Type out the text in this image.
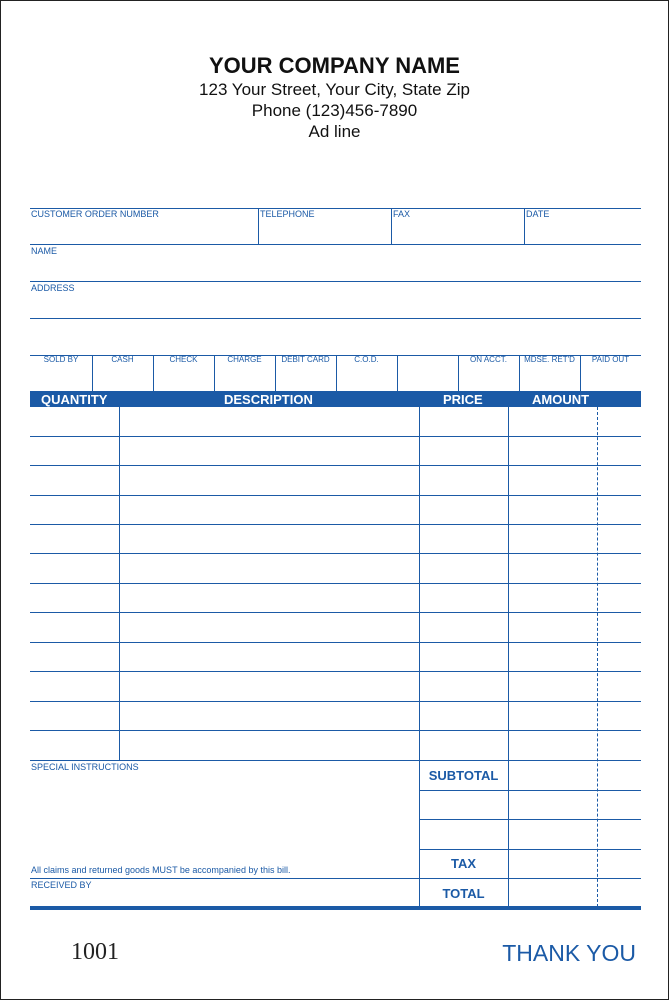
YOUR COMPANY NAME
123 Your Street, Your City, State Zip
Phone (123)456-7890
Ad line
CUSTOMER ORDER NUMBER	TELEPHONE	FAX	DATE
NAME
ADDRESS
SOLD BY	CASH	CHECK	CHARGE	DEBIT CARD	C.O.D.	ON ACCT.	MDSE. RET'D	PAID OUT
QUANTITY	DESCRIPTION	PRICE	AMOUNT
SPECIAL INSTRUCTIONS
All claims and returned goods MUST be accompanied by this bill.
RECEIVED BY
SUBTOTAL
TAX
TOTAL
1001	THANK YOU
